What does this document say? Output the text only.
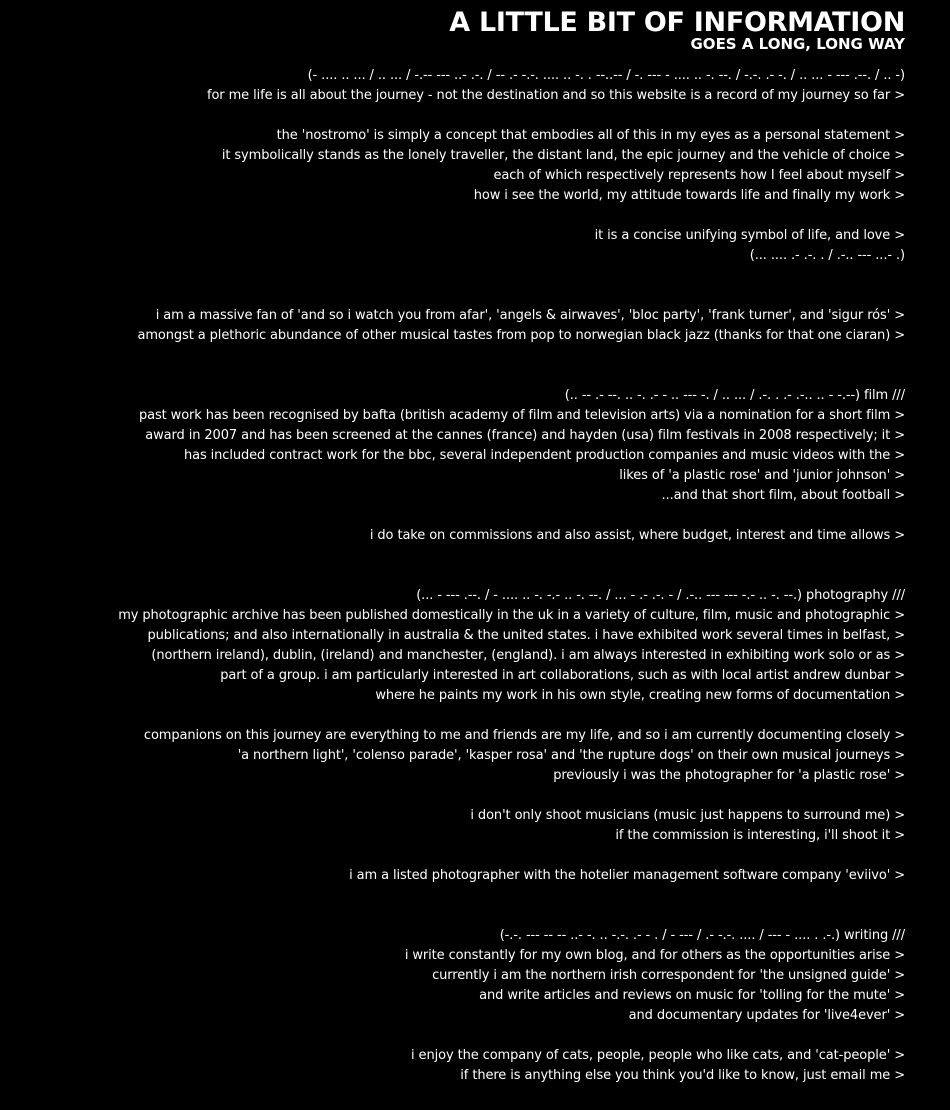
A LITTLE BIT OF INFORMATION
GOES A LONG, LONG WAY
(- .... .. ... / .. ... / -.-- --- ..- .-. / -- .- -.-. .... .. -. . --..-- / -. --- - .... .. -. --. / -.-. .- -. / .. ... - --- .--. / .. -)
for me life is all about the journey - not the destination and so this website is a record of my journey so far >
the 'nostromo' is simply a concept that embodies all of this in my eyes as a personal statement >
it symbolically stands as the lonely traveller, the distant land, the epic journey and the vehicle of choice >
each of which respectively represents how I feel about myself >
how i see the world, my attitude towards life and finally my work >
it is a concise unifying symbol of life, and love >
(... .... .- .-. . / .-.. --- ...- .)
i am a massive fan of 'and so i watch you from afar', 'angels & airwaves', 'bloc party', 'frank turner', and 'sigur rós' >
amongst a plethoric abundance of other musical tastes from pop to norwegian black jazz (thanks for that one ciaran) >
(.. -- .- --. .. -. .- - .. --- -. / .. ... / .-. . .- .-.. .. - -.--) film ///
past work has been recognised by bafta (british academy of film and television arts) via a nomination for a short film >
award in 2007 and has been screened at the cannes (france) and hayden (usa) film festivals in 2008 respectively; it >
has included contract work for the bbc, several independent production companies and music videos with the >
likes of 'a plastic rose' and 'junior johnson' >
...and that short film, about football >
i do take on commissions and also assist, where budget, interest and time allows >
(... - --- .--. / - .... .. -. -.- .. -. --. / ... - .- .-. - / .-.. --- --- -.- .. -. --.) photography ///
my photographic archive has been published domestically in the uk in a variety of culture, film, music and photographic >
publications; and also internationally in australia & the united states. i have exhibited work several times in belfast, >
(northern ireland), dublin, (ireland) and manchester, (england). i am always interested in exhibiting work solo or as >
part of a group. i am particularly interested in art collaborations, such as with local artist andrew dunbar >
where he paints my work in his own style, creating new forms of documentation >
companions on this journey are everything to me and friends are my life, and so i am currently documenting closely >
'a northern light', 'colenso parade', 'kasper rosa' and 'the rupture dogs' on their own musical journeys >
previously i was the photographer for 'a plastic rose' >
i don't only shoot musicians (music just happens to surround me) >
if the commission is interesting, i'll shoot it >
i am a listed photographer with the hotelier management software company 'eviivo' >
(-.-. --- -- -- ..- -. .. -.-. .- - . / - --- / .- -.-. .... / --- - .... . .-.) writing ///
i write constantly for my own blog, and for others as the opportunities arise >
currently i am the northern irish correspondent for 'the unsigned guide' >
and write articles and reviews on music for 'tolling for the mute' >
and documentary updates for 'live4ever' >
i enjoy the company of cats, people, people who like cats, and 'cat-people' >
if there is anything else you think you'd like to know, just email me >
